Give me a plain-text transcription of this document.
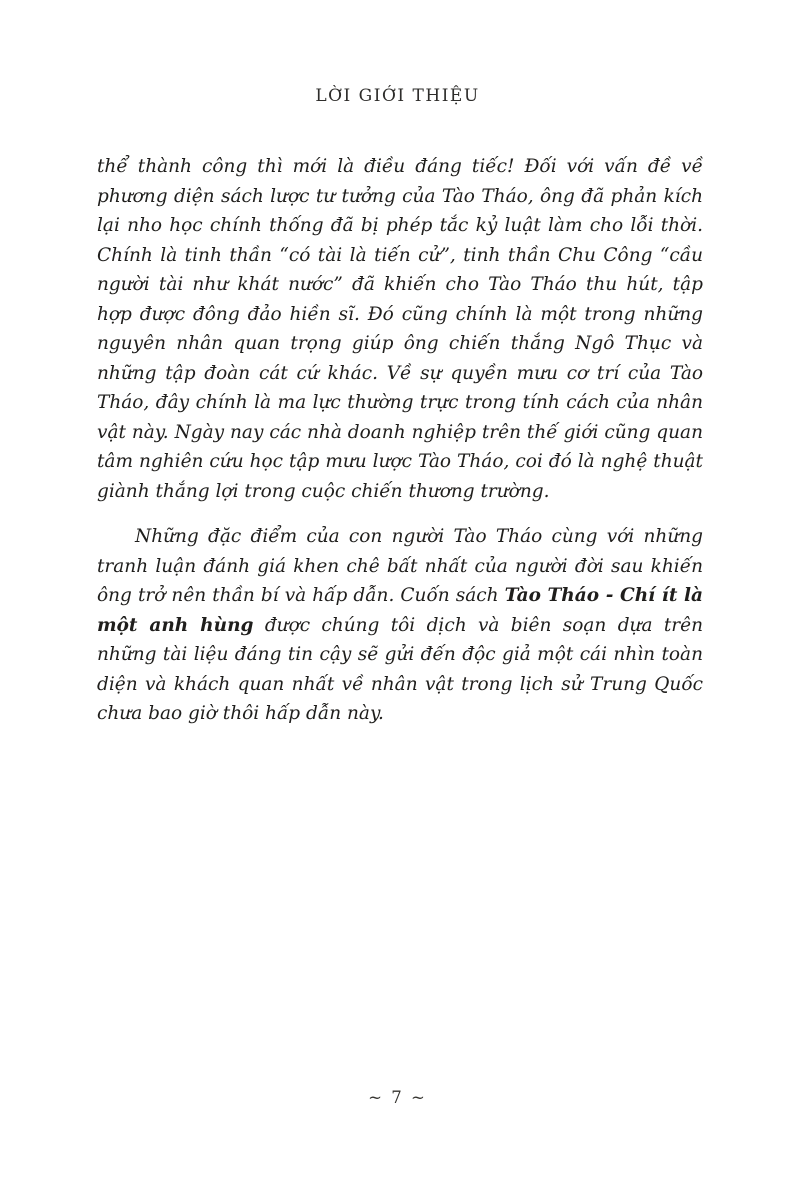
LỜI GIỚI THIỆU

thể thành công thì mới là điều đáng tiếc! Đối với vấn đề về phương diện sách lược tư tưởng của Tào Tháo, ông đã phản kích lại nho học chính thống đã bị phép tắc kỷ luật làm cho lỗi thời. Chính là tinh thần “có tài là tiến cử”, tinh thần Chu Công “cầu người tài như khát nước” đã khiến cho Tào Tháo thu hút, tập hợp được đông đảo hiền sĩ. Đó cũng chính là một trong những nguyên nhân quan trọng giúp ông chiến thắng Ngô Thục và những tập đoàn cát cứ khác. Về sự quyền mưu cơ trí của Tào Tháo, đây chính là ma lực thường trực trong tính cách của nhân vật này. Ngày nay các nhà doanh nghiệp trên thế giới cũng quan tâm nghiên cứu học tập mưu lược Tào Tháo, coi đó là nghệ thuật giành thắng lợi trong cuộc chiến thương trường.

Những đặc điểm của con người Tào Tháo cùng với những tranh luận đánh giá khen chê bất nhất của người đời sau khiến ông trở nên thần bí và hấp dẫn. Cuốn sách Tào Tháo - Chí ít là một anh hùng được chúng tôi dịch và biên soạn dựa trên những tài liệu đáng tin cậy sẽ gửi đến độc giả một cái nhìn toàn diện và khách quan nhất về nhân vật trong lịch sử Trung Quốc chưa bao giờ thôi hấp dẫn này.

~ 7 ~
